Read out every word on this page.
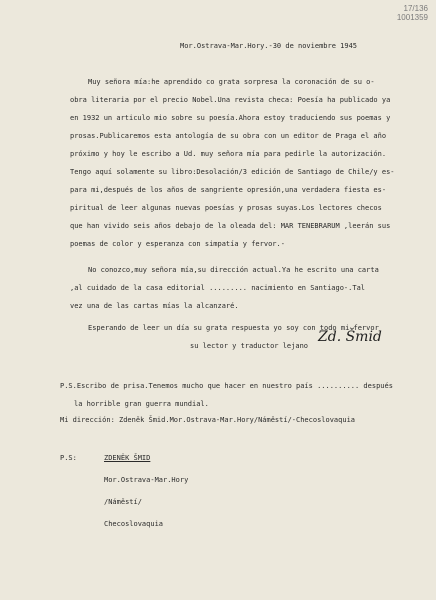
17/136
1001359
Mor.Ostrava-Mar.Hory.-30 de noviembre 1945
Muy señora mía:he aprendido co grata sorpresa la coronación de su o-
obra literaria por el precio Nobel.Una revista checa: Poesía ha publicado ya
en 1932 un articulo mio sobre su poesía.Ahora estoy traduciendo sus poemas y
prosas.Publicaremos esta antología de su obra con un editor de Praga el año
próximo y hoy le escribo a Ud. muy señora mía para pedirle la autorización.
Tengo aquí solamente su libro:Desolación/3 edición de Santiago de Chile/y es-
para mi,después de los años de sangriente opresión,una verdadera fiesta es-
piritual de leer algunas nuevas poesías y prosas suyas.Los lectores checos
que han vivido seis años debajo de la oleada del: MAR TENEBRARUM ,leerán sus
poemas de color y esperanza con simpatía y fervor.-
No conozco,muy señora mía,su dirección actual.Ya he escrito una carta
,al cuidado de la casa editorial ......... nacimiento en Santiago-.Tal
vez una de las cartas mías la alcanzaré.
Esperando de leer un día su grata respuesta yo soy con todo mi fervor
su lector y traductor lejano
Zd. Šmid
P.S.Escribo de prisa.Tenemos mucho que hacer en nuestro país .......... después
la horrible gran guerra mundial.
Mi dirección: Zdeněk Šmid.Mor.Ostrava-Mar.Hory/Náměstí/-Checoslovaquia
P.S:	ZDENĚK ŠMID
Mor.Ostrava-Mar.Hory
/Náměstí/
Checoslovaquia
